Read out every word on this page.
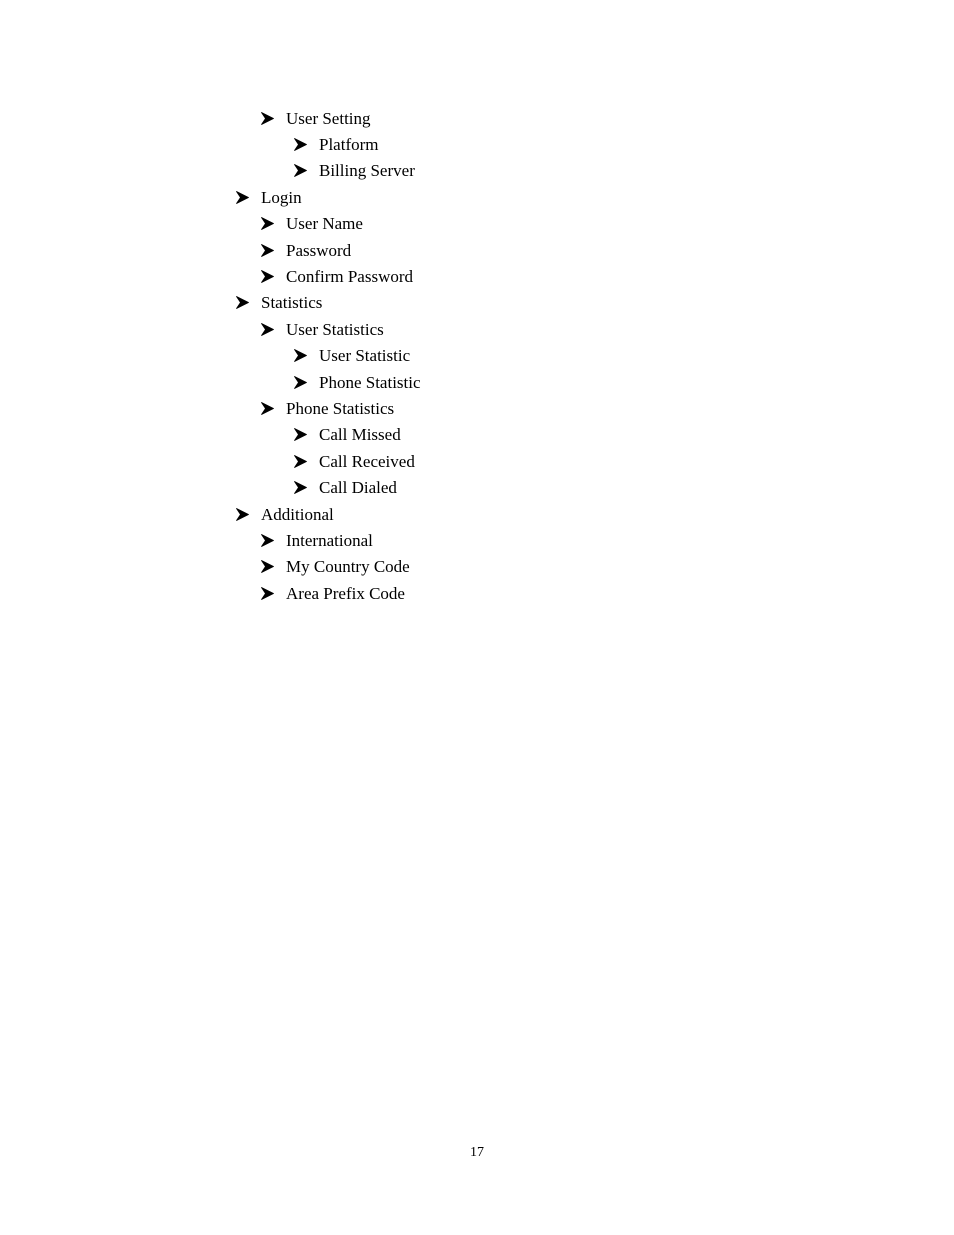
User Setting
Platform
Billing Server
Login
User Name
Password
Confirm Password
Statistics
User Statistics
User Statistic
Phone Statistic
Phone Statistics
Call Missed
Call Received
Call Dialed
Additional
International
My Country Code
Area Prefix Code
17
